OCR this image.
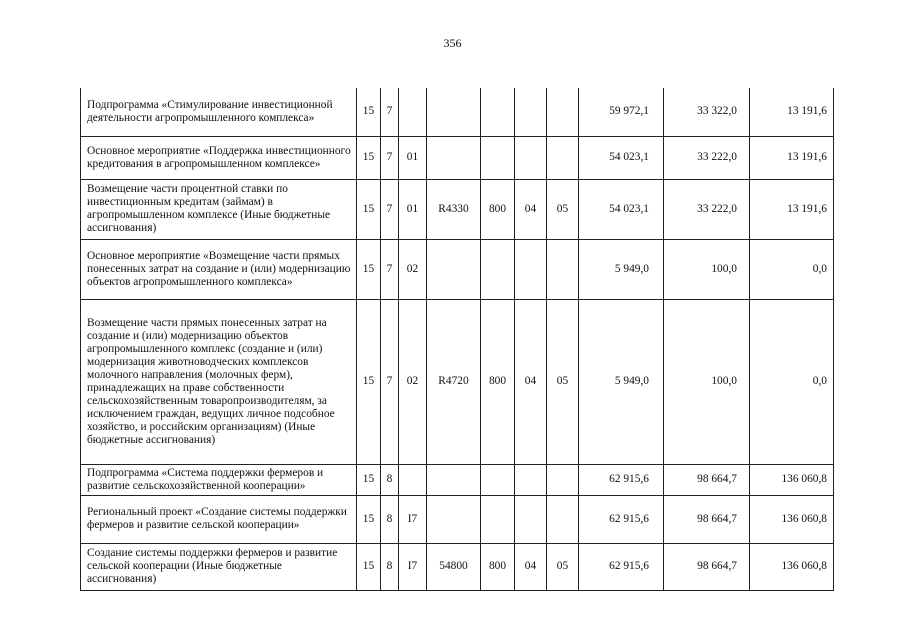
356
Подпрограмма «Стимулирование инвестиционной деятельности агропромышленного комплекса»	15	7						59 972,1	33 322,0	13 191,6
Основное мероприятие «Поддержка инвестиционного кредитования в агропромышленном комплексе»	15	7	01					54 023,1	33 222,0	13 191,6
Возмещение части процентной ставки по инвестиционным кредитам (займам) в агропромышленном комплексе (Иные бюджетные ассигнования)	15	7	01	R4330	800	04	05	54 023,1	33 222,0	13 191,6
Основное мероприятие «Возмещение части прямых понесенных затрат на создание и (или) модернизацию объектов агропромышленного комплекса»	15	7	02					5 949,0	100,0	0,0
Возмещение части прямых понесенных затрат на создание и (или) модернизацию объектов агропромышленного комплекс (создание и (или) модернизация животноводческих комплексов молочного направления (молочных ферм), принадлежащих на праве собственности сельскохозяйственным товаропроизводителям, за исключением граждан, ведущих личное подсобное хозяйство, и российским организациям) (Иные бюджетные ассигнования)	15	7	02	R4720	800	04	05	5 949,0	100,0	0,0
Подпрограмма «Система поддержки фермеров и развитие сельскохозяйственной кооперации»	15	8						62 915,6	98 664,7	136 060,8
Региональный проект «Создание системы поддержки фермеров и развитие сельской кооперации»	15	8	I7					62 915,6	98 664,7	136 060,8
Создание системы поддержки фермеров и развитие сельской кооперации (Иные бюджетные ассигнования)	15	8	I7	54800	800	04	05	62 915,6	98 664,7	136 060,8
